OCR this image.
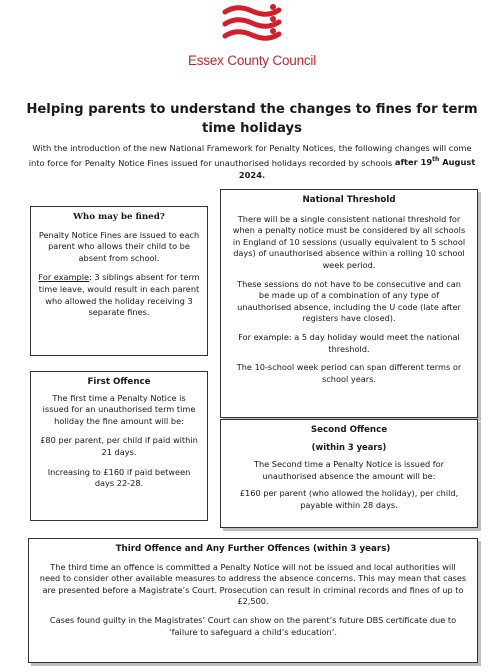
Essex County Council
Helping parents to understand the changes to fines for term time holidays
With the introduction of the new National Framework for Penalty Notices, the following changes will come into force for Penalty Notice Fines issued for unauthorised holidays recorded by schools after 19th August 2024.
Who may be fined?

Penalty Notice Fines are issued to each parent who allows their child to be absent from school.

For example: 3 siblings absent for term time leave, would result in each parent who allowed the holiday receiving 3 separate fines.

National Threshold

There will be a single consistent national threshold for when a penalty notice must be considered by all schools in England of 10 sessions (usually equivalent to 5 school days) of unauthorised absence within a rolling 10 school week period.

These sessions do not have to be consecutive and can be made up of a combination of any type of unauthorised absence, including the U code (late after registers have closed).

For example: a 5 day holiday would meet the national threshold.

The 10-school week period can span different terms or school years.

First Offence

The first time a Penalty Notice is issued for an unauthorised term time holiday the fine amount will be:

£80 per parent, per child if paid within 21 days.

Increasing to £160 if paid between days 22-28.

Second Offence
(within 3 years)

The Second time a Penalty Notice is issued for unauthorised absence the amount will be:

£160 per parent (who allowed the holiday), per child, payable within 28 days.

Third Offence and Any Further Offences (within 3 years)

The third time an offence is committed a Penalty Notice will not be issued and local authorities will need to consider other available measures to address the absence concerns. This may mean that cases are presented before a Magistrate’s Court. Prosecution can result in criminal records and fines of up to £2,500.

Cases found guilty in the Magistrates’ Court can show on the parent’s future DBS certificate due to ‘failure to safeguard a child’s education’.
